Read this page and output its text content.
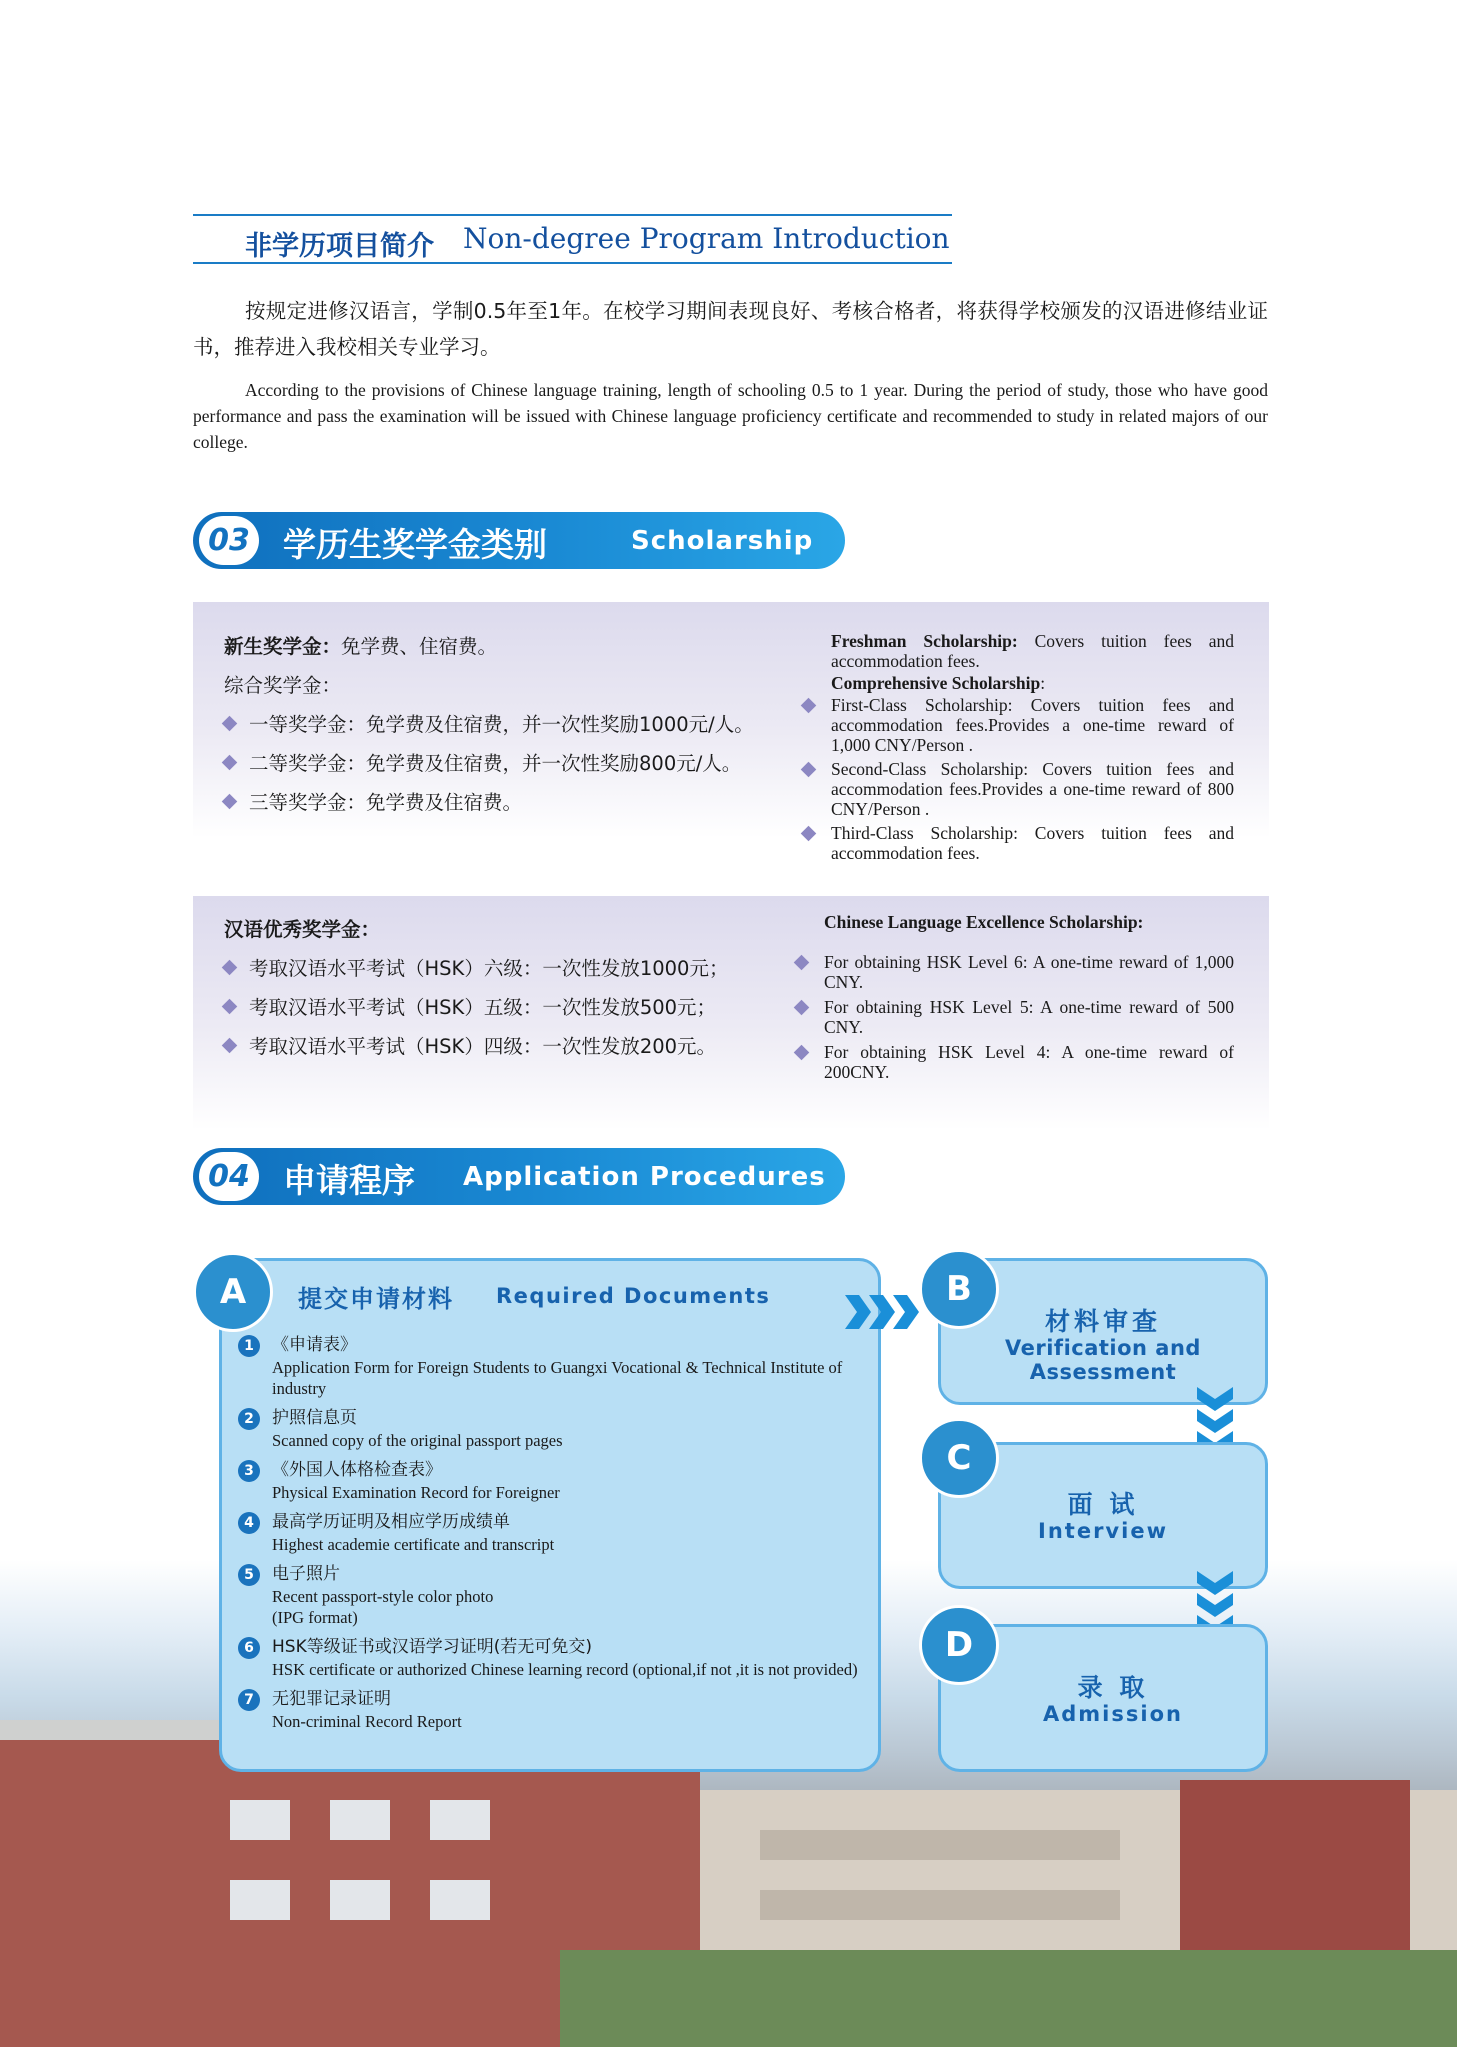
非学历项目简介 Non-degree Program Introduction

按规定进修汉语言，学制0.5年至1年。在校学习期间表现良好、考核合格者，将获得学校颁发的汉语进修结业证书，推荐进入我校相关专业学习。

According to the provisions of Chinese language training, length of schooling 0.5 to 1 year. During the period of study, those who have good performance and pass the examination will be issued with Chinese language proficiency certificate and recommended to study in related majors of our college.

03 学历生奖学金类别	Scholarship
新生奖学金：免学费、住宿费。
综合奖学金：
一等奖学金：免学费及住宿费，并一次性奖励1000元/人。
二等奖学金：免学费及住宿费，并一次性奖励800元/人。
三等奖学金：免学费及住宿费。
Freshman Scholarship: Covers tuition fees and accommodation fees.
Comprehensive Scholarship:
First-Class Scholarship: Covers tuition fees and accommodation fees.Provides a one-time reward of 1,000 CNY/Person .
Second-Class Scholarship: Covers tuition fees and accommodation fees.Provides a one-time reward of 800 CNY/Person .
Third-Class Scholarship: Covers tuition fees and accommodation fees.
汉语优秀奖学金：
考取汉语水平考试（HSK）六级：一次性发放1000元；
考取汉语水平考试（HSK）五级：一次性发放500元；
考取汉语水平考试（HSK）四级：一次性发放200元。
Chinese Language Excellence Scholarship:
For obtaining HSK Level 6: A one-time reward of 1,000 CNY.
For obtaining HSK Level 5: A one-time reward of 500 CNY.
For obtaining HSK Level 4: A one-time reward of 200CNY.
04 申请程序 Application Procedures
A	提交申请材料 Required Documents
1	《申请表》
Application Form for Foreign Students to Guangxi Vocational & Technical Institute of industry
2	护照信息页
Scanned copy of the original passport pages
3	《外国人体格检查表》
Physical Examination Record for Foreigner
4	最高学历证明及相应学历成绩单
Highest academie certificate and transcript
5	电子照片
Recent passport-style color photo
(IPG format)
6	HSK等级证书或汉语学习证明(若无可免交)
HSK certificate or authorized Chinese learning record (optional,if not ,it is not provided)
7	无犯罪记录证明
Non-criminal Record Report
B
材料审查
Verification and Assessment
C
面 试
Interview
D
录 取
Admission
